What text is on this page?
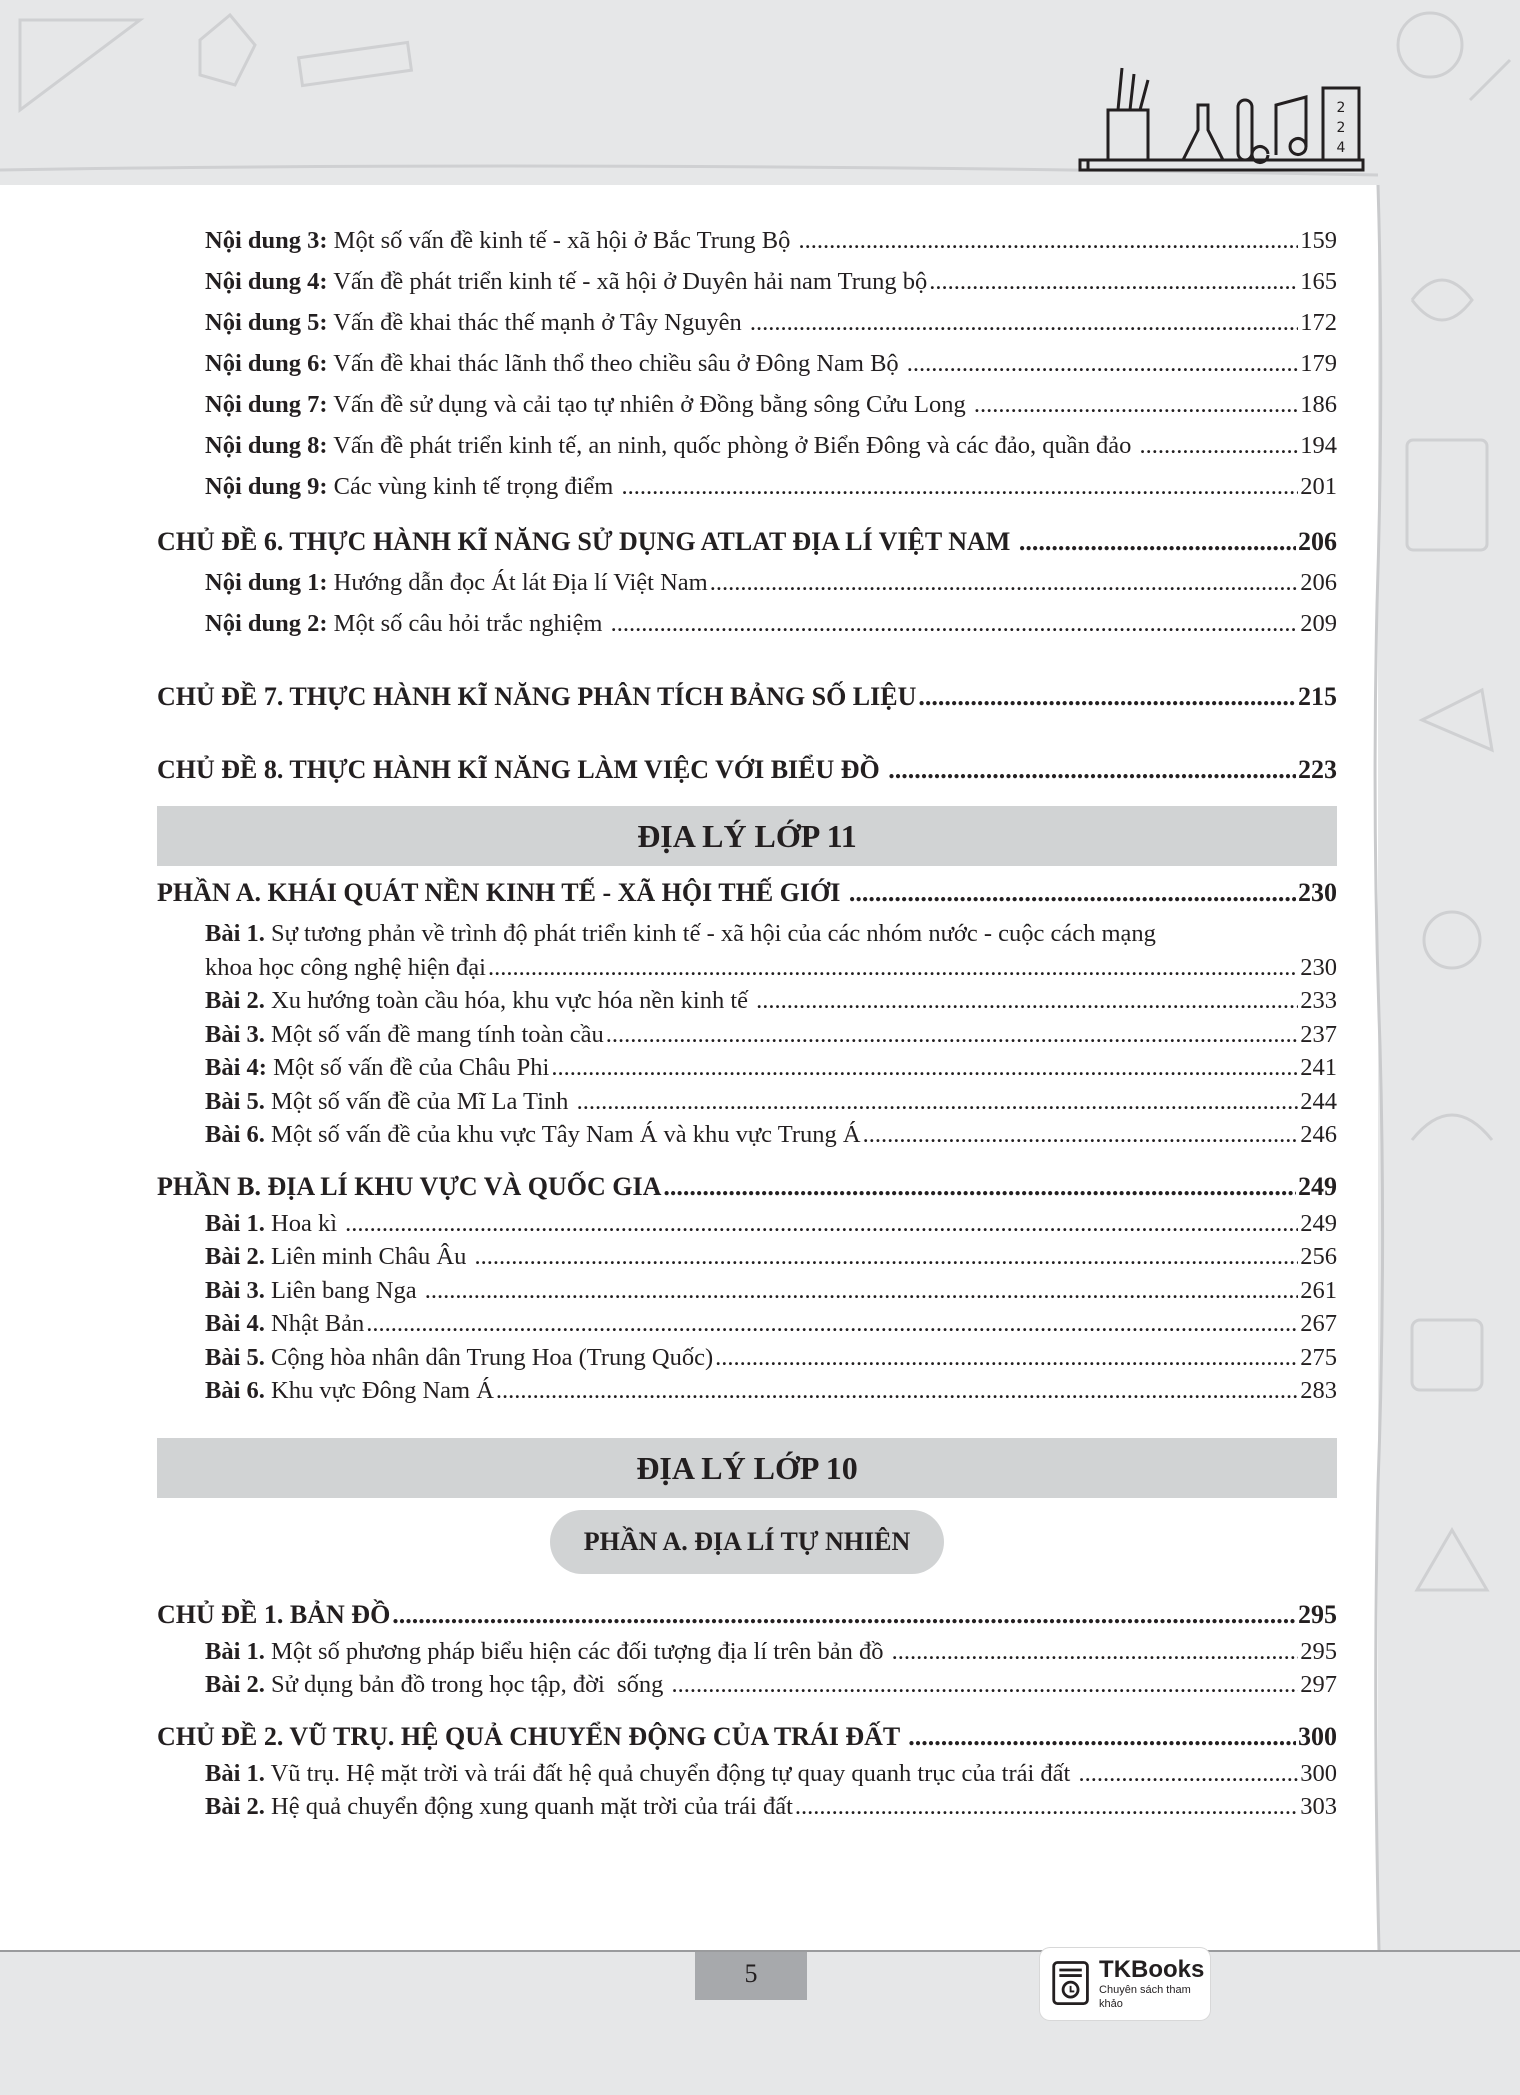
2
2
4
Nội dung 3: Một số vấn đề kinh tế - xã hội ở Bắc Trung Bộ .....	159
Nội dung 4: Vấn đề phát triển kinh tế - xã hội ở Duyên hải nam Trung bộ .....	165
Nội dung 5: Vấn đề khai thác thế mạnh ở Tây Nguyên .....	172
Nội dung 6: Vấn đề khai thác lãnh thổ theo chiều sâu ở Đông Nam Bộ .....	179
Nội dung 7: Vấn đề sử dụng và cải tạo tự nhiên ở Đồng bằng sông Cửu Long .....	186
Nội dung 8: Vấn đề phát triển kinh tế, an ninh, quốc phòng ở Biển Đông và các đảo, quần đảo .....	194
Nội dung 9: Các vùng kinh tế trọng điểm .....	201
CHỦ ĐỀ 6. THỰC HÀNH KĨ NĂNG SỬ DỤNG ATLAT ĐỊA LÍ VIỆT NAM .....	206
Nội dung 1: Hướng dẫn đọc Át lát Địa lí Việt Nam .....	206
Nội dung 2: Một số câu hỏi trắc nghiệm .....	209
CHỦ ĐỀ 7. THỰC HÀNH KĨ NĂNG PHÂN TÍCH BẢNG SỐ LIỆU .....	215
CHỦ ĐỀ 8. THỰC HÀNH KĨ NĂNG LÀM VIỆC VỚI BIỂU ĐỒ .....	223
ĐỊA LÝ LỚP 11
PHẦN A. KHÁI QUÁT NỀN KINH TẾ - XÃ HỘI THẾ GIỚI .....	230
Bài 1. Sự tương phản về trình độ phát triển kinh tế - xã hội của các nhóm nước - cuộc cách mạng
khoa học công nghệ hiện đại .....	230
Bài 2. Xu hướng toàn cầu hóa, khu vực hóa nền kinh tế .....	233
Bài 3. Một số vấn đề mang tính toàn cầu .....	237
Bài 4: Một số vấn đề của Châu Phi .....	241
Bài 5. Một số vấn đề của Mĩ La Tinh .....	244
Bài 6. Một số vấn đề của khu vực Tây Nam Á và khu vực Trung Á .....	246
PHẦN B. ĐỊA LÍ KHU VỰC VÀ QUỐC GIA .....	249
Bài 1. Hoa kì .....	249
Bài 2. Liên minh Châu Âu .....	256
Bài 3. Liên bang Nga .....	261
Bài 4. Nhật Bản .....	267
Bài 5. Cộng hòa nhân dân Trung Hoa (Trung Quốc) .....	275
Bài 6. Khu vực Đông Nam Á .....	283
ĐỊA LÝ LỚP 10
PHẦN A. ĐỊA LÍ TỰ NHIÊN
CHỦ ĐỀ 1. BẢN ĐỒ .....	295
Bài 1. Một số phương pháp biểu hiện các đối tượng địa lí trên bản đồ .....	295
Bài 2. Sử dụng bản đồ trong học tập, đời  sống .....	297
CHỦ ĐỀ 2. VŨ TRỤ. HỆ QUẢ CHUYỂN ĐỘNG CỦA TRÁI ĐẤT .....	300
Bài 1. Vũ trụ. Hệ mặt trời và trái đất hệ quả chuyển động tự quay quanh trục của trái đất .....	300
Bài 2. Hệ quả chuyển động xung quanh mặt trời của trái đất .....	303
5	TKBooks
Chuyên sách tham khảo
